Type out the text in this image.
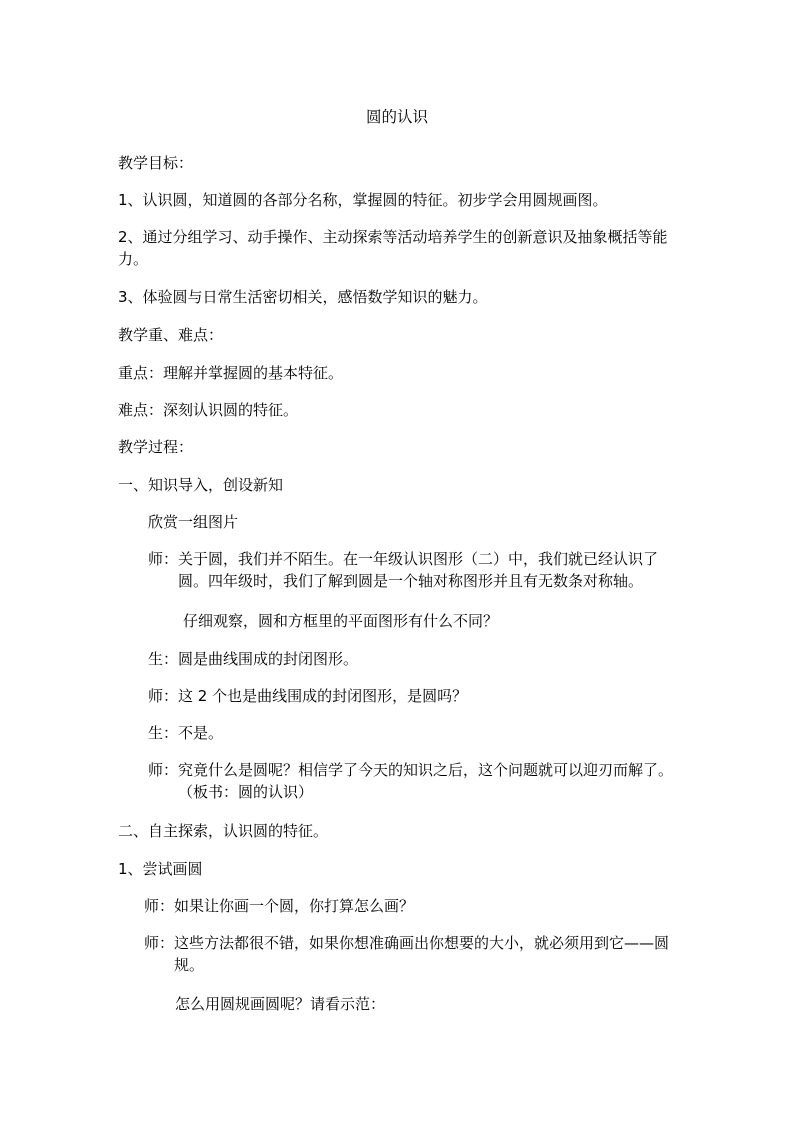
圆的认识
教学目标：
1、认识圆，知道圆的各部分名称，掌握圆的特征。初步学会用圆规画图。
2、通过分组学习、动手操作、主动探索等活动培养学生的创新意识及抽象概括等能力。
3、体验圆与日常生活密切相关，感悟数学知识的魅力。
教学重、难点：
重点：理解并掌握圆的基本特征。
难点：深刻认识圆的特征。
教学过程：
一、知识导入，创设新知
欣赏一组图片
师： 关于圆，我们并不陌生。在一年级认识图形（二）中，我们就已经认识了圆。四年级时，我们了解到圆是一个轴对称图形并且有无数条对称轴。
仔细观察，圆和方框里的平面图形有什么不同？
生：圆是曲线围成的封闭图形。
师：这 2 个也是曲线围成的封闭图形，是圆吗？
生：不是。
师： 究竟什么是圆呢？相信学了今天的知识之后，这个问题就可以迎刃而解了。（板书：圆的认识）
二、自主探索，认识圆的特征。
1、尝试画圆
师：如果让你画一个圆，你打算怎么画？
师： 这些方法都很不错，如果你想准确画出你想要的大小，就必须用到它——圆规。
怎么用圆规画圆呢？请看示范：
